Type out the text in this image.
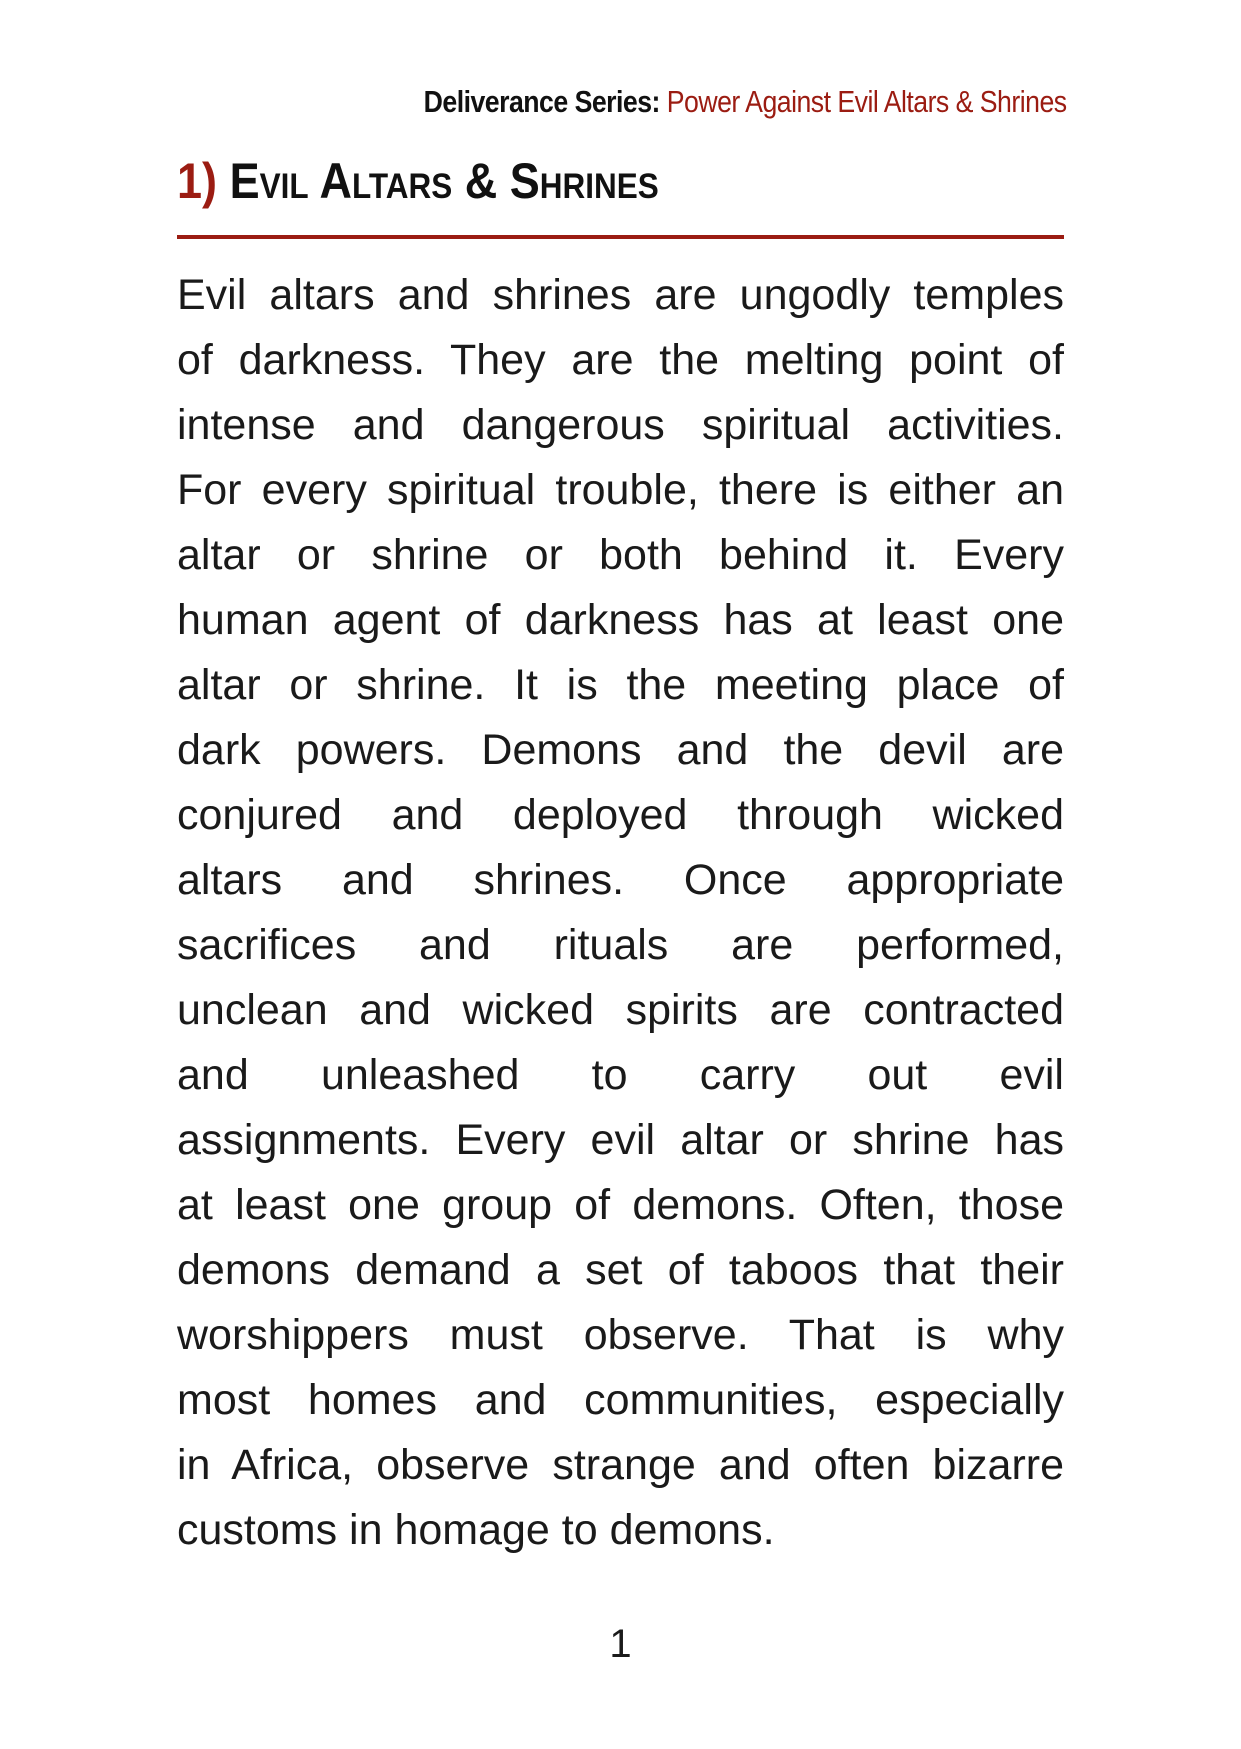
Deliverance Series: Power Against Evil Altars & Shrines
1) Evil Altars & Shrines
Evil altars and shrines are ungodly temples
of darkness. They are the melting point of
intense and dangerous spiritual activities.
For every spiritual trouble, there is either an
altar or shrine or both behind it. Every
human agent of darkness has at least one
altar or shrine. It is the meeting place of
dark powers. Demons and the devil are
conjured and deployed through wicked
altars and shrines. Once appropriate
sacrifices and rituals are performed,
unclean and wicked spirits are contracted
and unleashed to carry out evil
assignments. Every evil altar or shrine has
at least one group of demons. Often, those
demons demand a set of taboos that their
worshippers must observe. That is why
most homes and communities, especially
in Africa, observe strange and often bizarre
customs in homage to demons.
1
